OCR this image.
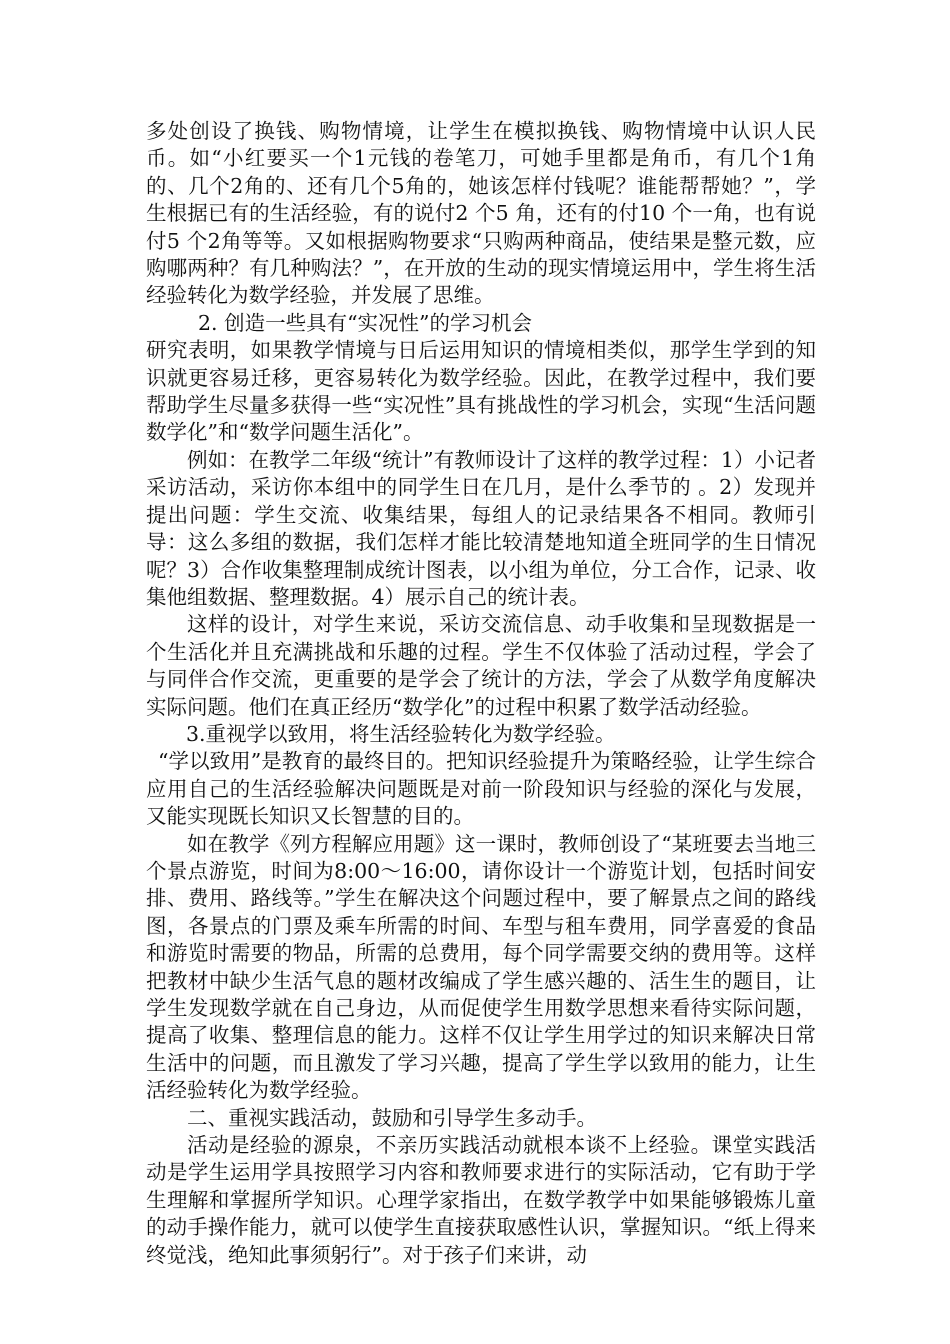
多处创设了换钱、购物情境，让学生在模拟换钱、购物情境中认识人民币。如“小红要买一个1元钱的卷笔刀，可她手里都是角币，有几个1角的、几个2角的、还有几个5角的，她该怎样付钱呢？谁能帮帮她？”，学生根据已有的生活经验，有的说付2 个5 角，还有的付10 个一角，也有说付5 个2角等等。又如根据购物要求“只购两种商品，使结果是整元数，应购哪两种？有几种购法？”，在开放的生动的现实情境运用中，学生将生活经验转化为数学经验，并发展了思维。

2. 创造一些具有“实况性”的学习机会

研究表明，如果教学情境与日后运用知识的情境相类似，那学生学到的知识就更容易迁移，更容易转化为数学经验。因此，在教学过程中，我们要帮助学生尽量多获得一些“实况性”具有挑战性的学习机会，实现“生活问题数学化”和“数学问题生活化”。

例如：在教学二年级“统计”有教师设计了这样的教学过程：1）小记者采访活动，采访你本组中的同学生日在几月，是什么季节的 。2）发现并提出问题：学生交流、收集结果，每组人的记录结果各不相同。教师引导：这么多组的数据，我们怎样才能比较清楚地知道全班同学的生日情况呢？3）合作收集整理制成统计图表，以小组为单位，分工合作，记录、收集他组数据、整理数据。4）展示自己的统计表。

这样的设计，对学生来说，采访交流信息、动手收集和呈现数据是一个生活化并且充满挑战和乐趣的过程。学生不仅体验了活动过程，学会了与同伴合作交流，更重要的是学会了统计的方法，学会了从数学角度解决实际问题。他们在真正经历“数学化”的过程中积累了数学活动经验。

3.重视学以致用，将生活经验转化为数学经验。

“学以致用”是教育的最终目的。把知识经验提升为策略经验，让学生综合应用自己的生活经验解决问题既是对前一阶段知识与经验的深化与发展，又能实现既长知识又长智慧的目的。

如在教学《列方程解应用题》这一课时，教师创设了“某班要去当地三个景点游览，时间为8:00～16:00，请你设计一个游览计划，包括时间安排、费用、路线等。”学生在解决这个问题过程中，要了解景点之间的路线图，各景点的门票及乘车所需的时间、车型与租车费用，同学喜爱的食品和游览时需要的物品，所需的总费用，每个同学需要交纳的费用等。这样把教材中缺少生活气息的题材改编成了学生感兴趣的、活生生的题目，让学生发现数学就在自己身边，从而促使学生用数学思想来看待实际问题，提高了收集、整理信息的能力。这样不仅让学生用学过的知识来解决日常生活中的问题，而且激发了学习兴趣，提高了学生学以致用的能力，让生活经验转化为数学经验。

二、重视实践活动，鼓励和引导学生多动手。

活动是经验的源泉，不亲历实践活动就根本谈不上经验。课堂实践活动是学生运用学具按照学习内容和教师要求进行的实际活动，它有助于学生理解和掌握所学知识。心理学家指出，在数学教学中如果能够锻炼儿童的动手操作能力，就可以使学生直接获取感性认识，掌握知识。“纸上得来终觉浅，绝知此事须躬行”。对于孩子们来讲，动
